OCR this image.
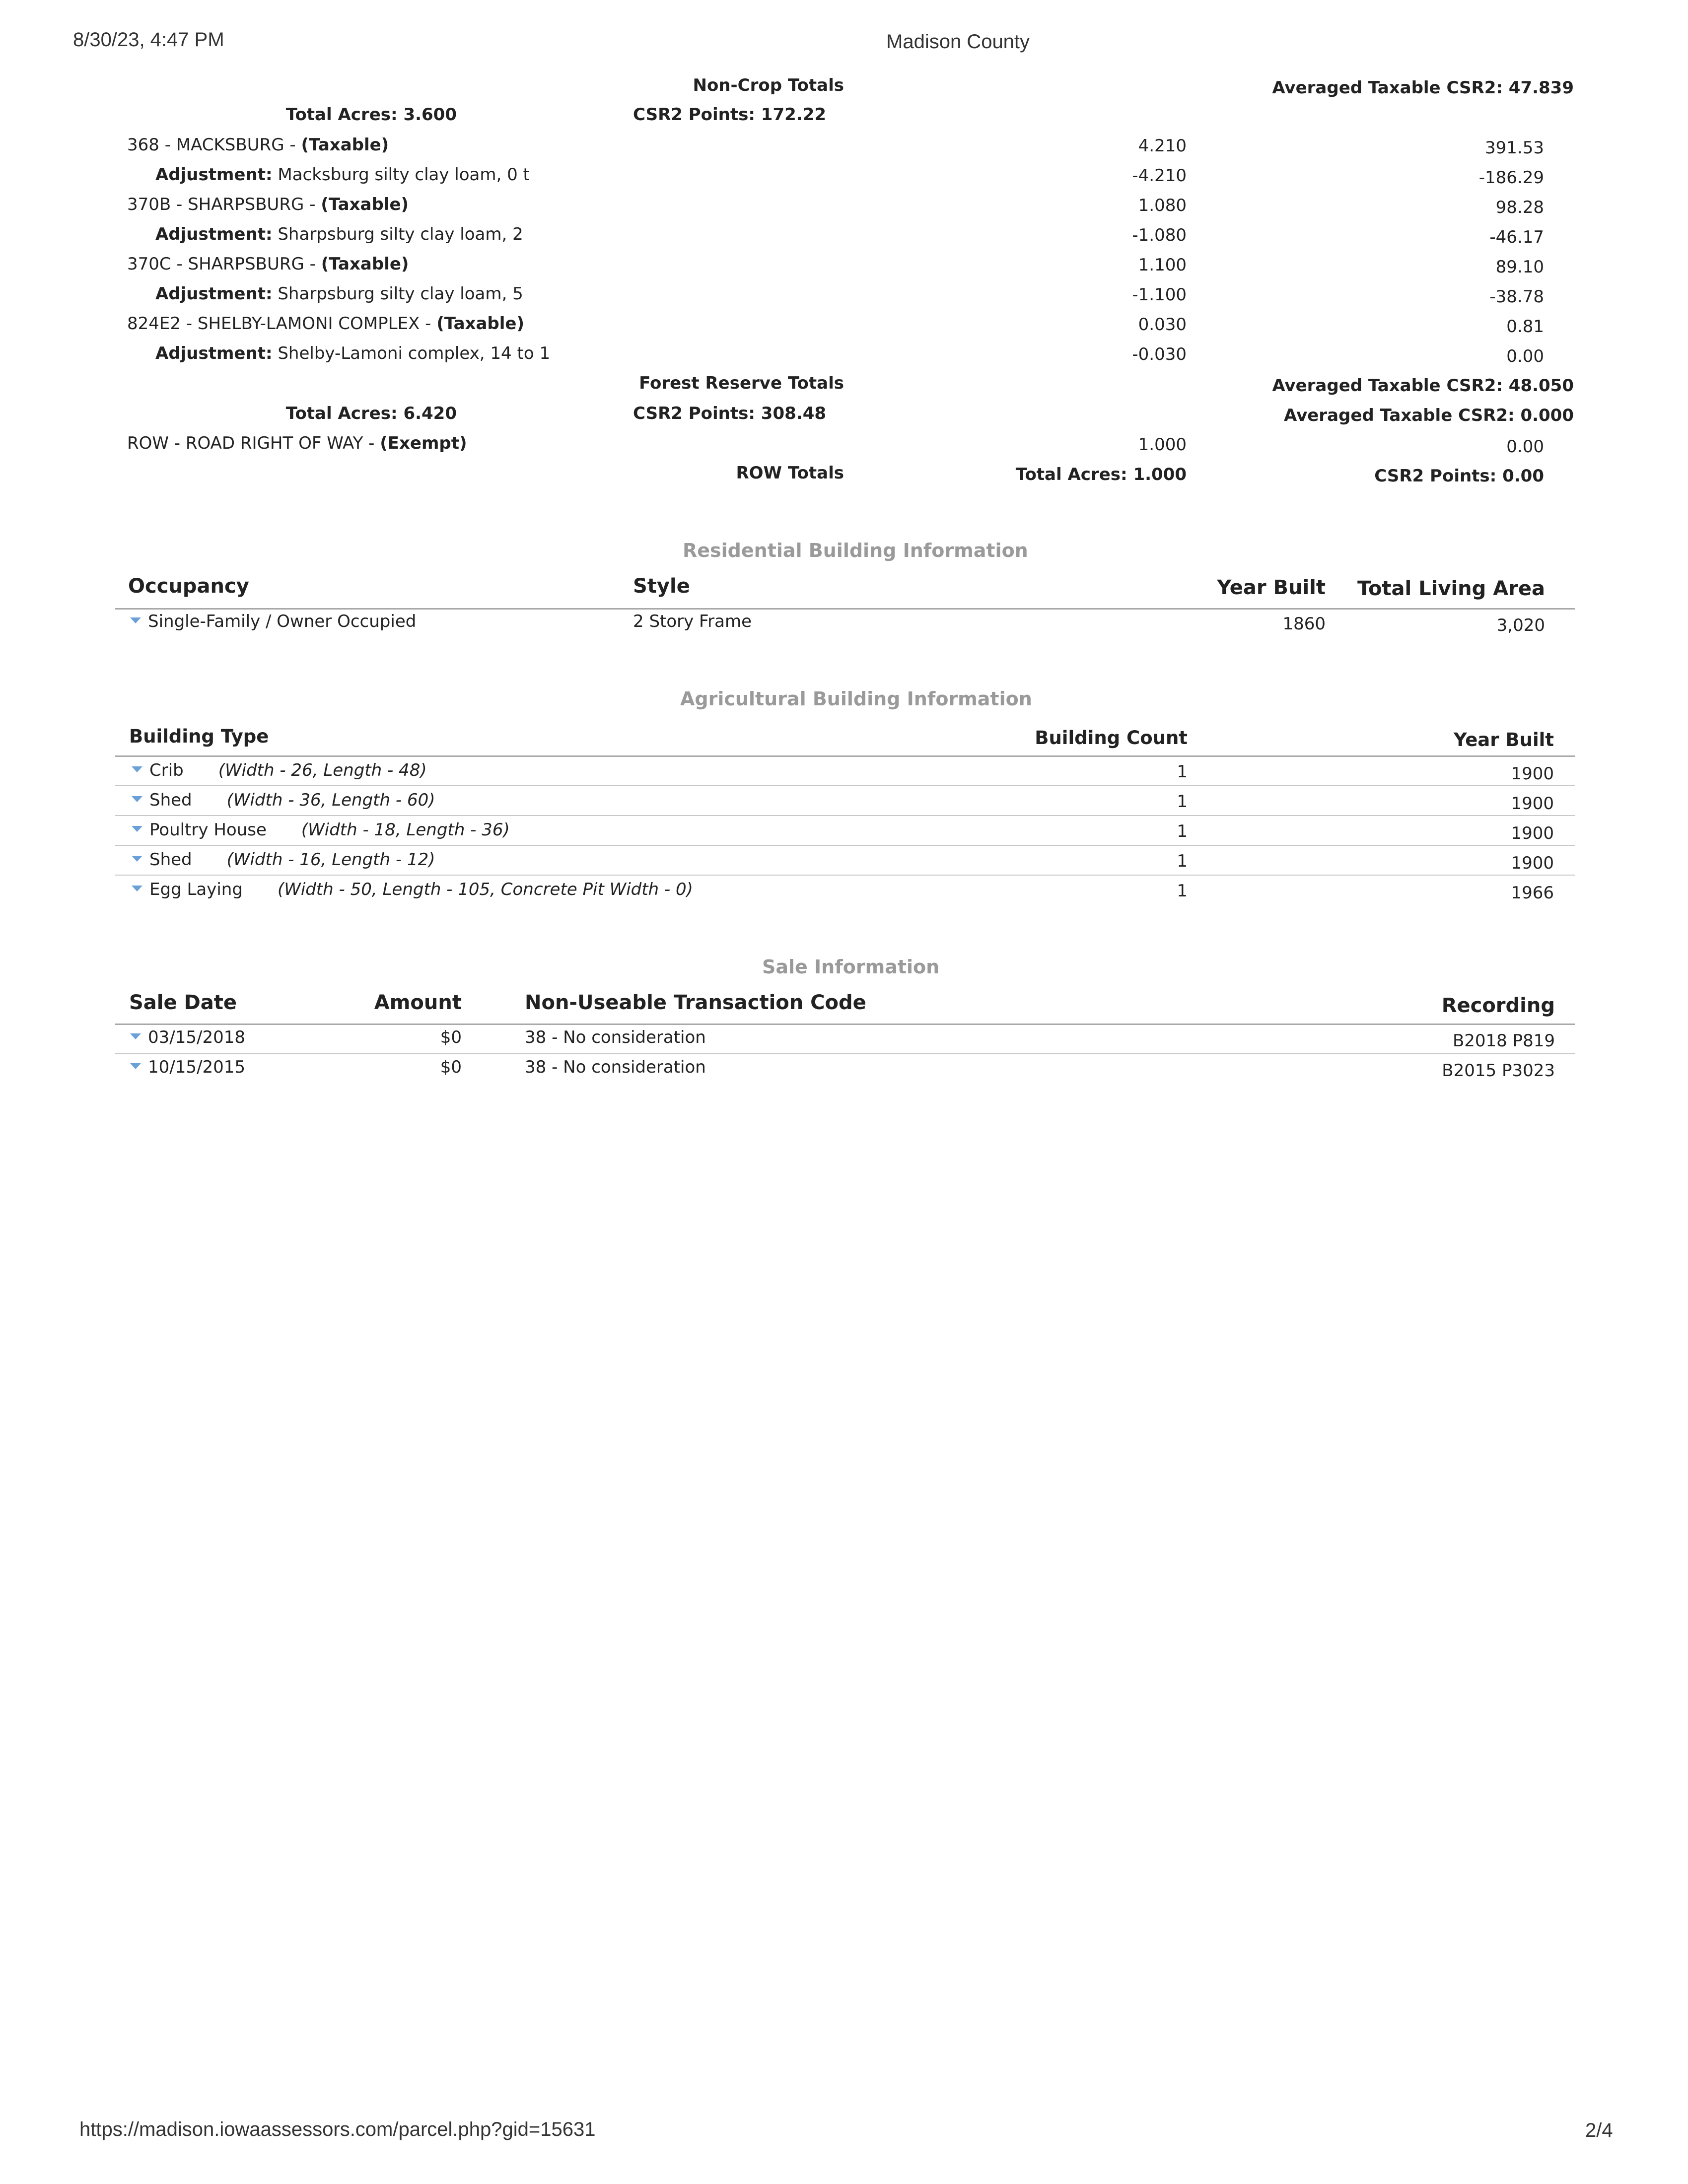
8/30/23, 4:47 PM	Madison County
Non-Crop Totals	Averaged Taxable CSR2: 47.839
Total Acres: 3.600	CSR2 Points: 172.22
368 - MACKSBURG - (Taxable)	4.210	391.53
Adjustment: Macksburg silty clay loam, 0 t	-4.210	-186.29
370B - SHARPSBURG - (Taxable)	1.080	98.28
Adjustment: Sharpsburg silty clay loam, 2	-1.080	-46.17
370C - SHARPSBURG - (Taxable)	1.100	89.10
Adjustment: Sharpsburg silty clay loam, 5	-1.100	-38.78
824E2 - SHELBY-LAMONI COMPLEX - (Taxable)	0.030	0.81
Adjustment: Shelby-Lamoni complex, 14 to 1	-0.030	0.00
Forest Reserve Totals	Averaged Taxable CSR2: 48.050
Total Acres: 6.420	CSR2 Points: 308.48	Averaged Taxable CSR2: 0.000
ROW - ROAD RIGHT OF WAY - (Exempt)	1.000	0.00
ROW Totals	Total Acres: 1.000	CSR2 Points: 0.00
Residential Building Information
Occupancy	Style	Year Built	Total Living Area
Single-Family / Owner Occupied	2 Story Frame	1860	3,020
Agricultural Building Information
Building Type	Building Count	Year Built
Crib (Width - 26, Length - 48)	1	1900
Shed (Width - 36, Length - 60)	1	1900
Poultry House (Width - 18, Length - 36)	1	1900
Shed (Width - 16, Length - 12)	1	1900
Egg Laying (Width - 50, Length - 105, Concrete Pit Width - 0)	1	1966
Sale Information
Sale Date	Amount	Non-Useable Transaction Code	Recording
03/15/2018	$0	38 - No consideration	B2018 P819
10/15/2015	$0	38 - No consideration	B2015 P3023
https://madison.iowaassessors.com/parcel.php?gid=15631	2/4
